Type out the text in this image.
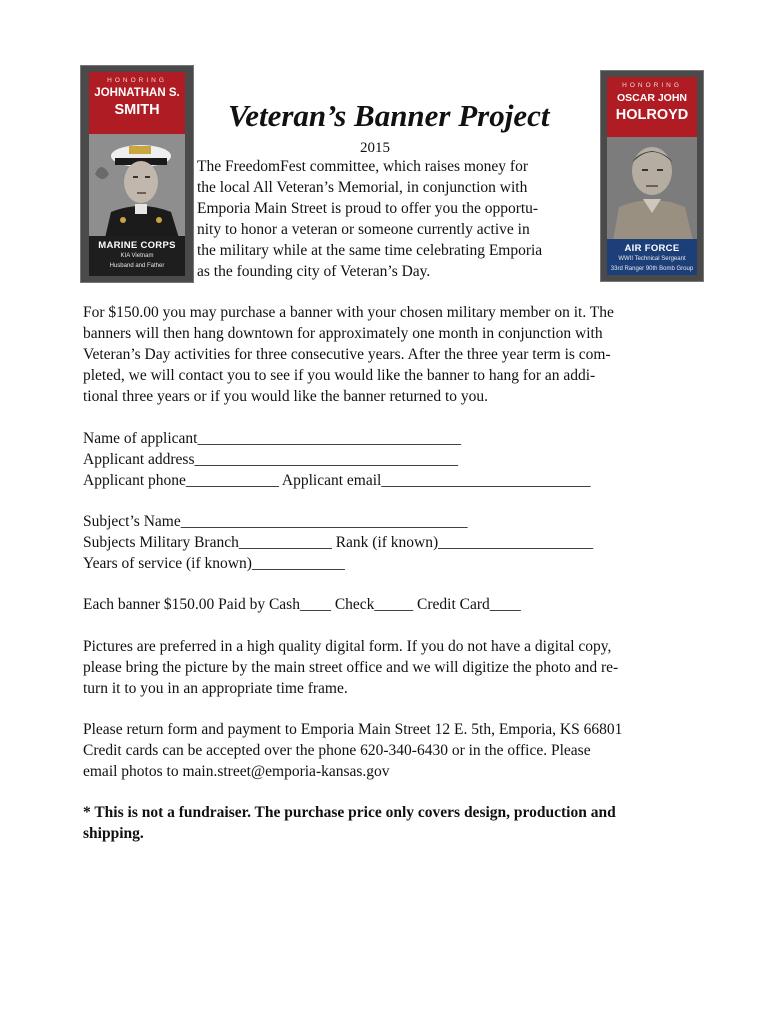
HONORING
JOHNATHAN S.
SMITH
MARINE CORPS
KIA Vietnam
Husband and Father
HONORING
OSCAR JOHN
HOLROYD
AIR FORCE
WWII Technical Sergeant
33rd Ranger 90th Bomb Group
Veteran’s Banner Project
2015
The FreedomFest committee, which raises money for
the local All Veteran’s Memorial, in conjunction with
Emporia Main Street is proud to offer you the opportu-
nity to honor a veteran or someone currently active in
the military while at the same time celebrating Emporia
as the founding city of Veteran’s Day.
For $150.00 you may purchase a banner with your chosen military member on it. The
banners will then hang downtown for approximately one month in conjunction with
Veteran’s Day activities for three consecutive years. After the three year term is com-
pleted, we will contact you to see if you would like the banner to hang for an addi-
tional three years or if you would like the banner returned to you.
Name of applicant__________________________________
Applicant address__________________________________
Applicant phone____________ Applicant email___________________________
Subject’s Name_____________________________________
Subjects Military Branch____________ Rank (if known)____________________
Years of service (if known)____________
Each banner $150.00 Paid by Cash____ Check_____ Credit Card____
Pictures are preferred in a high quality digital form. If you do not have a digital copy,
please bring the picture by the main street office and we will digitize the photo and re-
turn it to you in an appropriate time frame.
Please return form and payment to Emporia Main Street 12 E. 5th, Emporia, KS 66801
Credit cards can be accepted over the phone 620-340-6430 or in the office. Please
email photos to main.street@emporia-kansas.gov
* This is not a fundraiser. The purchase price only covers design, production and
shipping.
